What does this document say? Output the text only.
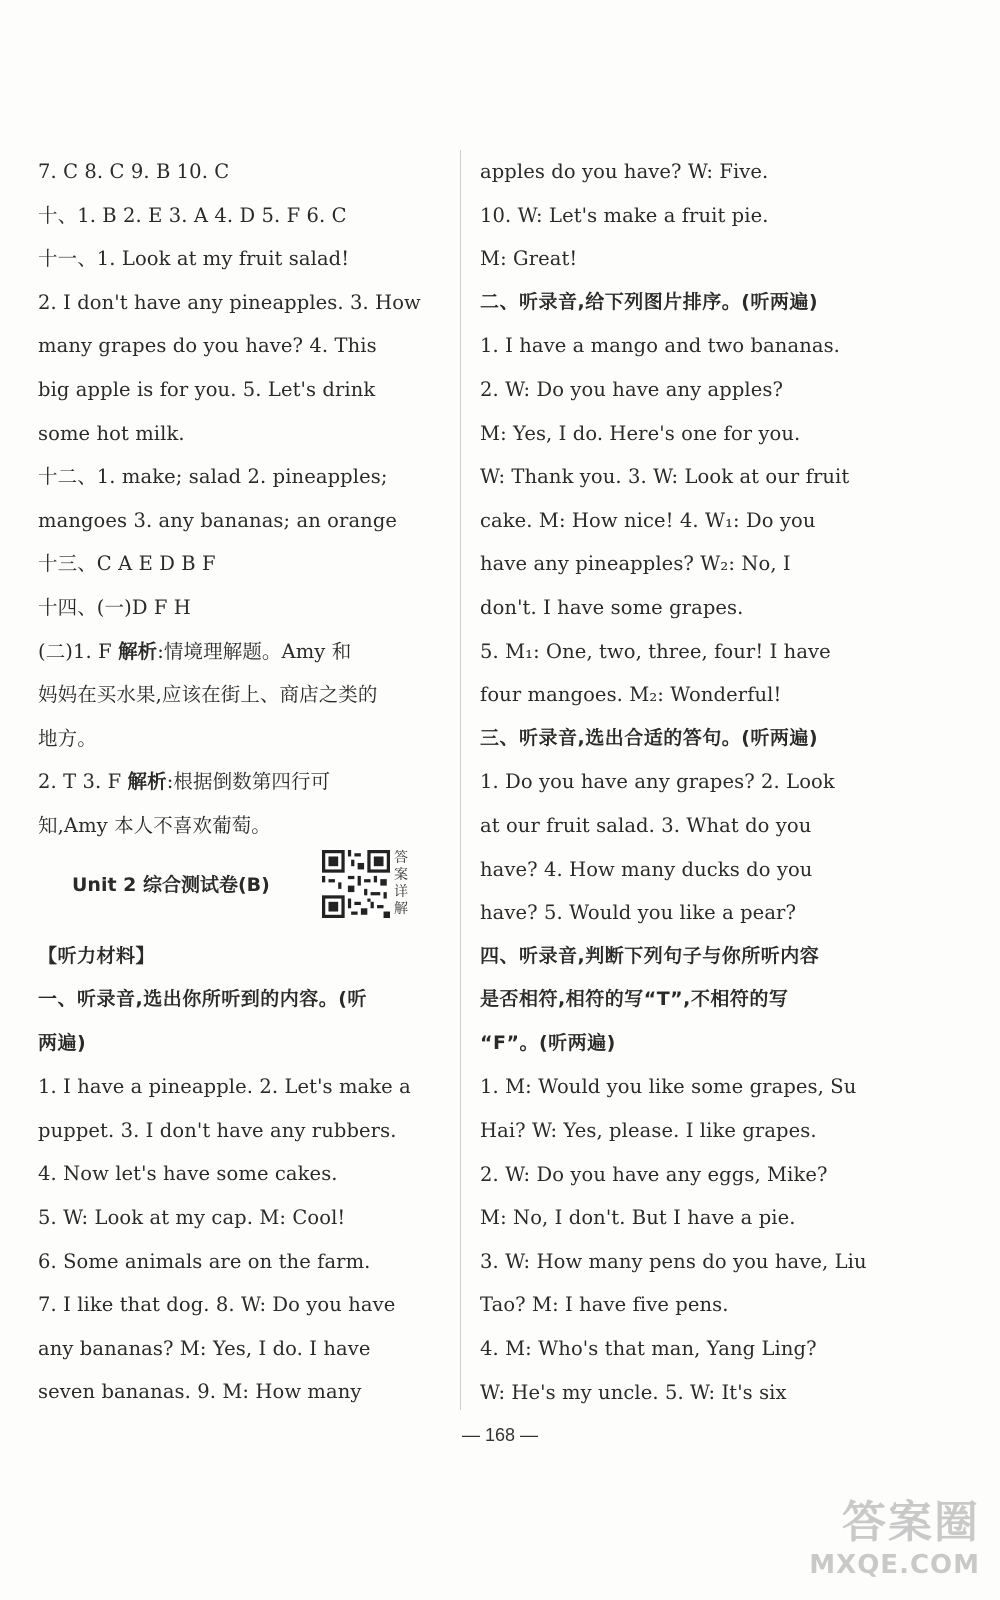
7. C 8. C 9. B 10. C
十、1. B 2. E 3. A 4. D 5. F 6. C
十一、1. Look at my fruit salad!
2. I don't have any pineapples. 3. How
many grapes do you have? 4. This
big apple is for you. 5. Let's drink
some hot milk.
十二、1. make; salad 2. pineapples;
mangoes 3. any bananas; an orange
十三、C A E D B F
十四、(一)D F H
(二)1. F 解析:情境理解题。Amy 和
妈妈在买水果,应该在街上、商店之类的
地方。
2. T 3. F 解析:根据倒数第四行可
知,Amy 本人不喜欢葡萄。
Unit 2 综合测试卷(B)
答案详解
【听力材料】
一、听录音,选出你所听到的内容。(听
两遍)
1. I have a pineapple. 2. Let's make a
puppet. 3. I don't have any rubbers.
4. Now let's have some cakes.
5. W: Look at my cap. M: Cool!
6. Some animals are on the farm.
7. I like that dog. 8. W: Do you have
any bananas? M: Yes, I do. I have
seven bananas. 9. M: How many
apples do you have? W: Five.
10. W: Let's make a fruit pie.
M: Great!
二、听录音,给下列图片排序。(听两遍)
1. I have a mango and two bananas.
2. W: Do you have any apples?
M: Yes, I do. Here's one for you.
W: Thank you. 3. W: Look at our fruit
cake. M: How nice! 4. W₁: Do you
have any pineapples? W₂: No, I
don't. I have some grapes.
5. M₁: One, two, three, four! I have
four mangoes. M₂: Wonderful!
三、听录音,选出合适的答句。(听两遍)
1. Do you have any grapes? 2. Look
at our fruit salad. 3. What do you
have? 4. How many ducks do you
have? 5. Would you like a pear?
四、听录音,判断下列句子与你所听内容
是否相符,相符的写“T”,不相符的写
“F”。(听两遍)
1. M: Would you like some grapes, Su
Hai? W: Yes, please. I like grapes.
2. W: Do you have any eggs, Mike?
M: No, I don't. But I have a pie.
3. W: How many pens do you have, Liu
Tao? M: I have five pens.
4. M: Who's that man, Yang Ling?
W: He's my uncle. 5. W: It's six
— 168 —
答案圈
MXQE.COM
